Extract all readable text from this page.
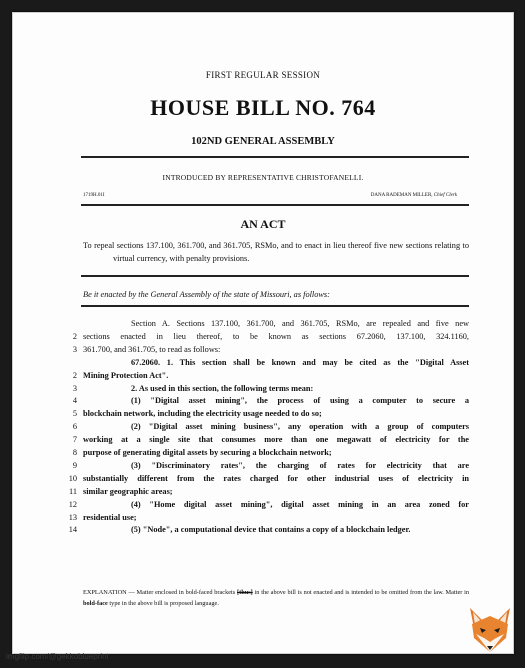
FIRST REGULAR SESSION
HOUSE BILL NO. 764
102ND GENERAL ASSEMBLY
INTRODUCED BY REPRESENTATIVE CHRISTOFANELLI.
1719H.01I	DANA RADEMAN MILLER, Chief Clerk
AN ACT
To repeal sections 137.100, 361.700, and 361.705, RSMo, and to enact in lieu thereof five new sections relating to virtual currency, with penalty provisions.
Be it enacted by the General Assembly of the state of Missouri, as follows:
Section A. Sections 137.100, 361.700, and 361.705, RSMo, are repealed and five new
2 sections enacted in lieu thereof, to be known as sections 67.2060, 137.100, 324.1160,
3 361.700, and 361.705, to read as follows:
67.2060. 1. This section shall be known and may be cited as the "Digital Asset
2 Mining Protection Act".
3	2. As used in this section, the following terms mean:
4	(1) "Digital asset mining", the process of using a computer to secure a
5 blockchain network, including the electricity usage needed to do so;
6	(2) "Digital asset mining business", any operation with a group of computers
7 working at a single site that consumes more than one megawatt of electricity for the
8 purpose of generating digital assets by securing a blockchain network;
9	(3) "Discriminatory rates", the charging of rates for electricity that are
10 substantially different from the rates charged for other industrial uses of electricity in
11 similar geographic areas;
12	(4) "Home digital asset mining", digital asset mining in an area zoned for
13 residential use;
14	(5) "Node", a computational device that contains a copy of a blockchain ledger.
EXPLANATION — Matter enclosed in bold-faced brackets [thus] in the above bill is not enacted and is intended to be omitted from the law. Matter in bold-face type in the above bill is proposed language.
imgflip.com/@gekkoblueprint
